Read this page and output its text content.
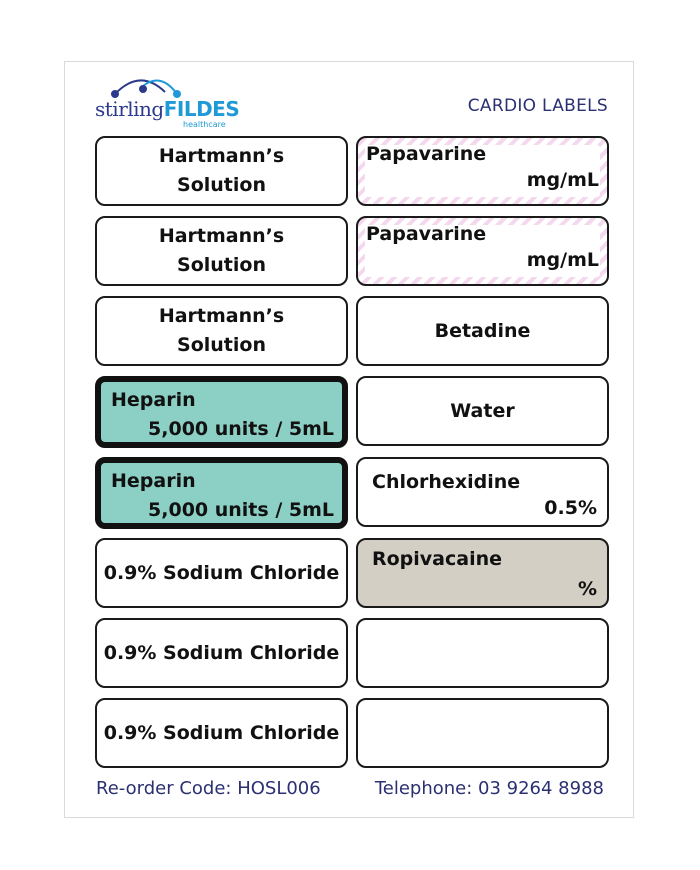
stirlingFILDES
healthcare
CARDIO LABELS
Hartmann’s
Solution
Papavarine
mg/mL
Hartmann’s
Solution
Papavarine
mg/mL
Hartmann’s
Solution
Betadine
Heparin
5,000 units / 5mL
Water
Heparin
5,000 units / 5mL
Chlorhexidine
0.5%
0.9% Sodium Chloride
Ropivacaine
%
0.9% Sodium Chloride
0.9% Sodium Chloride
Re-order Code: HOSL006	Telephone: 03 9264 8988
